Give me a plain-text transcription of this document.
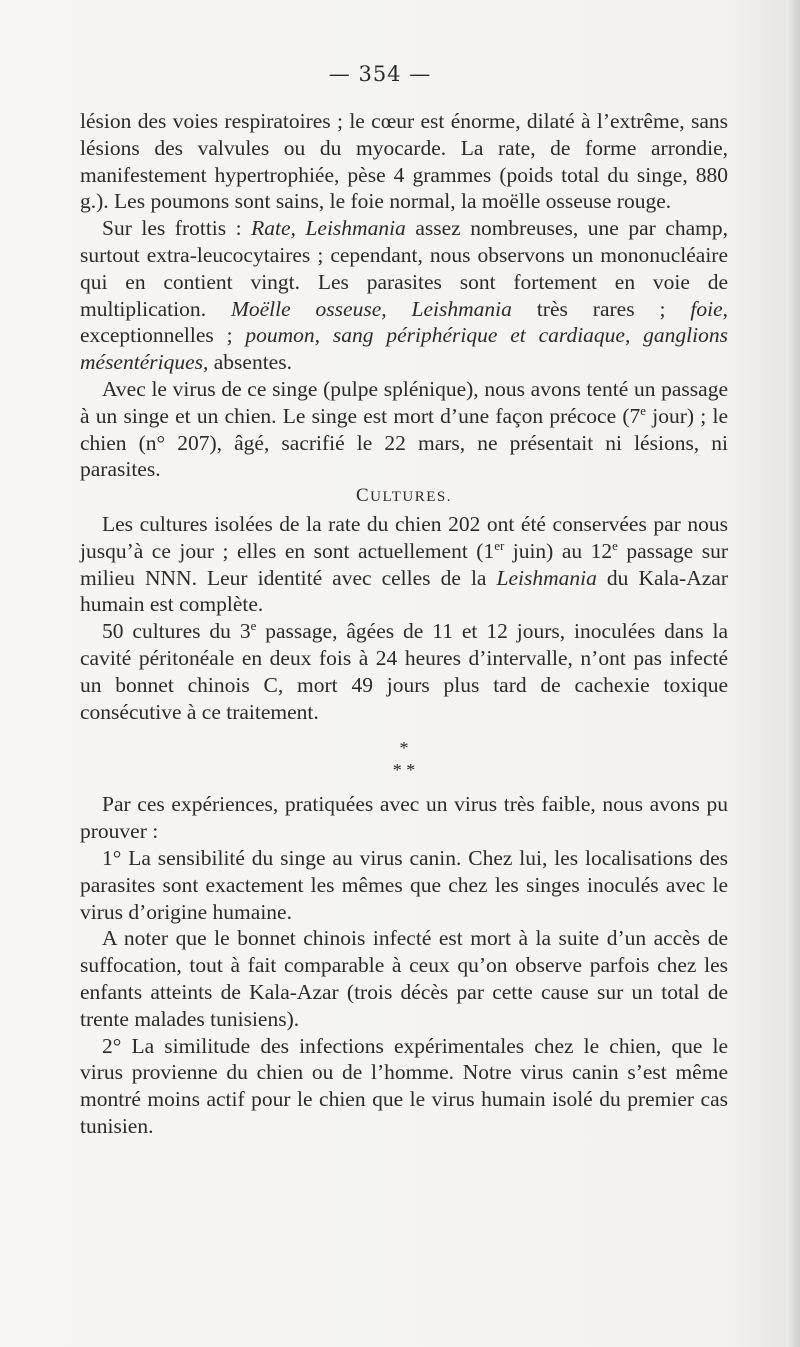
— 354 —

lésion des voies respiratoires ; le cœur est énorme, dilaté à l’extrême, sans lésions des valvules ou du myocarde. La rate, de forme arrondie, manifestement hypertrophiée, pèse 4 grammes (poids total du singe, 880 g.). Les poumons sont sains, le foie normal, la moëlle osseuse rouge.

Sur les frottis : Rate, Leishmania assez nombreuses, une par champ, surtout extra-leucocytaires ; cependant, nous observons un mononucléaire qui en contient vingt. Les parasites sont fortement en voie de multiplication. Moëlle osseuse, Leishmania très rares ; foie, exceptionnelles ; poumon, sang périphérique et cardiaque, ganglions mésentériques, absentes.

Avec le virus de ce singe (pulpe splénique), nous avons tenté un passage à un singe et un chien. Le singe est mort d’une façon précoce (7e jour) ; le chien (n° 207), âgé, sacrifié le 22 mars, ne présentait ni lésions, ni parasites.

CULTURES.

Les cultures isolées de la rate du chien 202 ont été conservées par nous jusqu’à ce jour ; elles en sont actuellement (1er juin) au 12e passage sur milieu NNN. Leur identité avec celles de la Leishmania du Kala-Azar humain est complète.

50 cultures du 3e passage, âgées de 11 et 12 jours, inoculées dans la cavité péritonéale en deux fois à 24 heures d’intervalle, n’ont pas infecté un bonnet chinois C, mort 49 jours plus tard de cachexie toxique consécutive à ce traitement.

*
* *

Par ces expériences, pratiquées avec un virus très faible, nous avons pu prouver :

1° La sensibilité du singe au virus canin. Chez lui, les localisations des parasites sont exactement les mêmes que chez les singes inoculés avec le virus d’origine humaine.

A noter que le bonnet chinois infecté est mort à la suite d’un accès de suffocation, tout à fait comparable à ceux qu’on observe parfois chez les enfants atteints de Kala-Azar (trois décès par cette cause sur un total de trente malades tunisiens).

2° La similitude des infections expérimentales chez le chien, que le virus provienne du chien ou de l’homme. Notre virus canin s’est même montré moins actif pour le chien que le virus humain isolé du premier cas tunisien.
